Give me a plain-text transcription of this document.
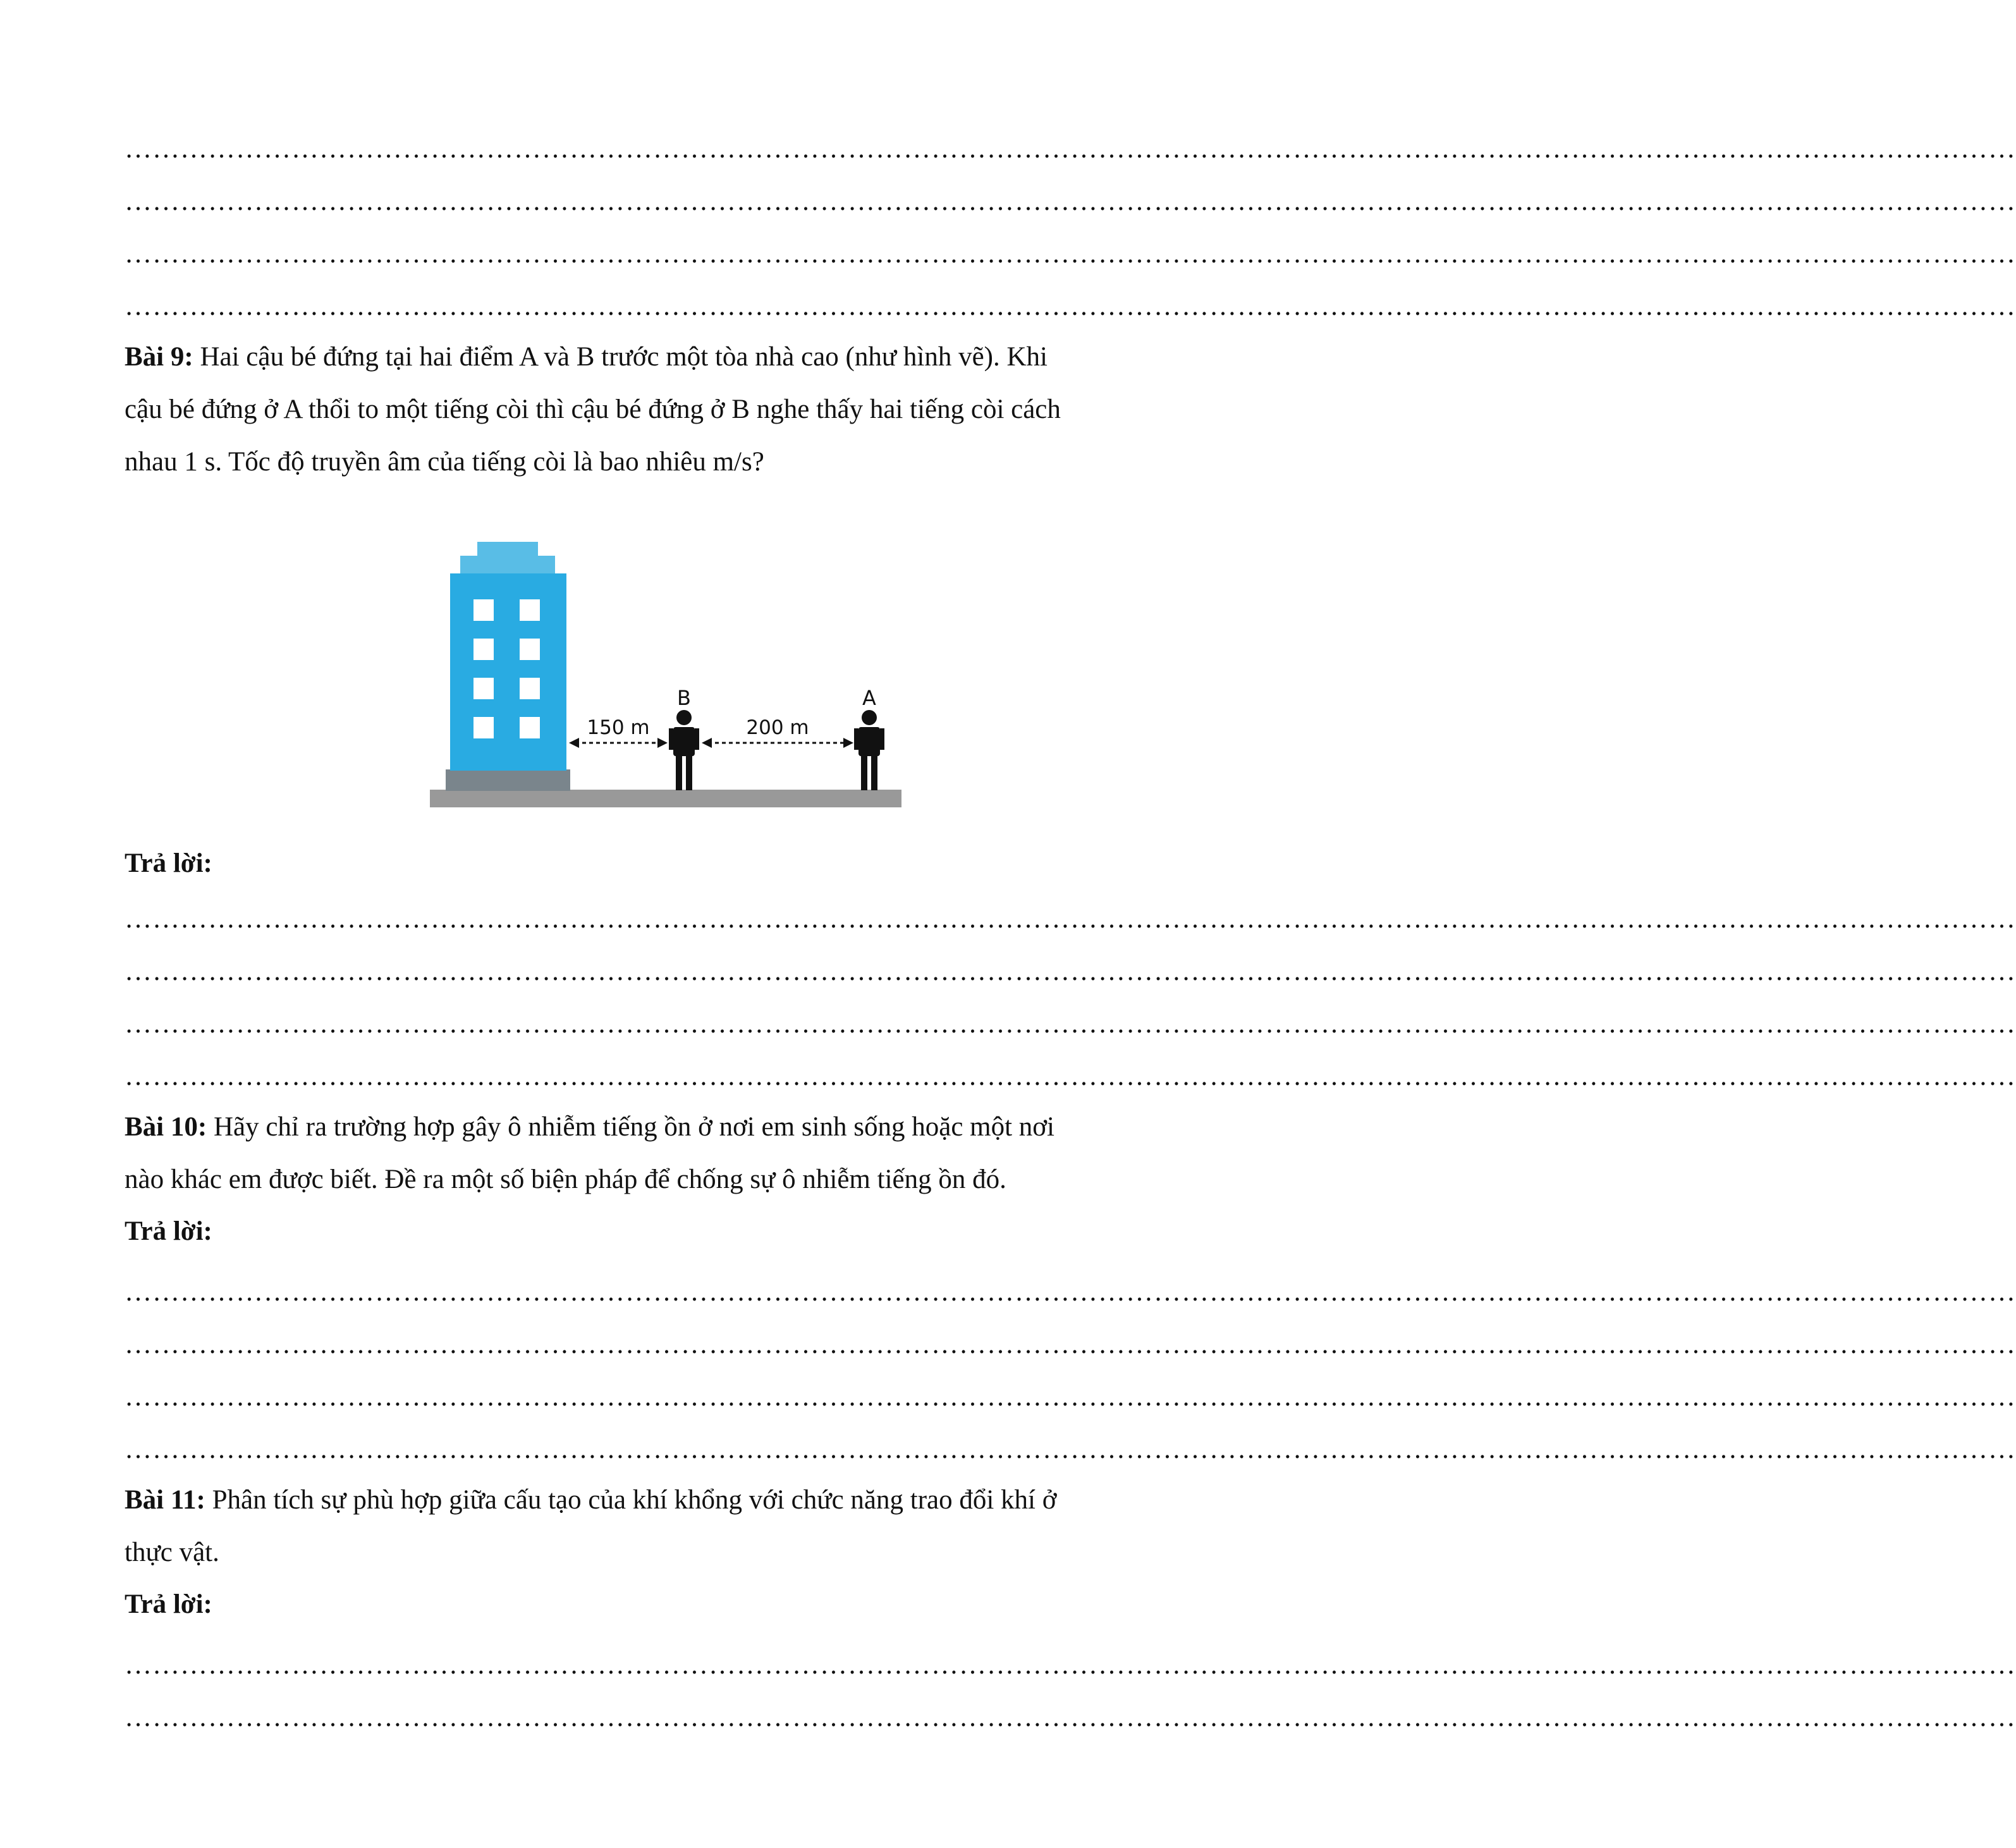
……………………………………………………………………………………………………………………………………………………………………………………
……………………………………………………………………………………………………………………………………………………………………………………
……………………………………………………………………………………………………………………………………………………………………………………
……………………………………………………………………………………………………………………………………………………………………………………
Bài 9: Hai cậu bé đứng tại hai điểm A và B trước một tòa nhà cao (như hình vẽ). Khi
cậu bé đứng ở A thổi to một tiếng còi thì cậu bé đứng ở B nghe thấy hai tiếng còi cách
nhau 1 s. Tốc độ truyền âm của tiếng còi là bao nhiêu m/s?
B	A
150 m	200 m
Trả lời:
……………………………………………………………………………………………………………………………………………………………………………………
……………………………………………………………………………………………………………………………………………………………………………………
……………………………………………………………………………………………………………………………………………………………………………………
……………………………………………………………………………………………………………………………………………………………………………………
Bài 10: Hãy chỉ ra trường hợp gây ô nhiễm tiếng ồn ở nơi em sinh sống hoặc một nơi
nào khác em được biết. Đề ra một số biện pháp để chống sự ô nhiễm tiếng ồn đó.
Trả lời:
……………………………………………………………………………………………………………………………………………………………………………………
……………………………………………………………………………………………………………………………………………………………………………………
……………………………………………………………………………………………………………………………………………………………………………………
……………………………………………………………………………………………………………………………………………………………………………………
Bài 11: Phân tích sự phù hợp giữa cấu tạo của khí khổng với chức năng trao đổi khí ở
thực vật.
Trả lời:
……………………………………………………………………………………………………………………………………………………………………………………
……………………………………………………………………………………………………………………………………………………………………………………
